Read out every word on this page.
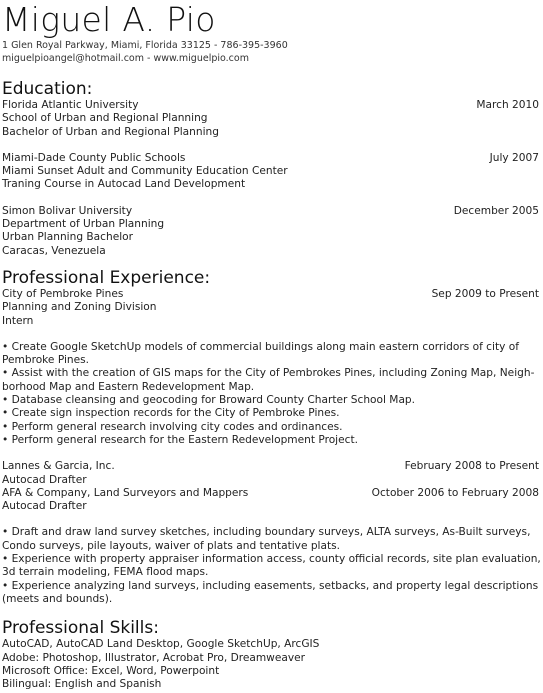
Miguel A. Pio
1 Glen Royal Parkway, Miami, Florida 33125 - 786-395-3960
miguelpioangel@hotmail.com - www.miguelpio.com
Education:
Florida Atlantic University	March 2010
School of Urban and Regional Planning
Bachelor of Urban and Regional Planning
Miami-Dade County Public Schools	July 2007
Miami Sunset Adult and Community Education Center
Traning Course in Autocad Land Development
Simon Bolivar University	December 2005
Department of Urban Planning
Urban Planning Bachelor
Caracas, Venezuela
Professional Experience:
City of Pembroke Pines	Sep 2009 to Present
Planning and Zoning Division
Intern
• Create Google SketchUp models of commercial buildings along main eastern corridors of city of
Pembroke Pines.
• Assist with the creation of GIS maps for the City of Pembrokes Pines, including Zoning Map, Neigh-
borhood Map and Eastern Redevelopment Map.
• Database cleansing and geocoding for Broward County Charter School Map.
• Create sign inspection records for the City of Pembroke Pines.
• Perform general research involving city codes and ordinances.
• Perform general research for the Eastern Redevelopment Project.
Lannes & Garcia, Inc.	February 2008 to Present
Autocad Drafter
AFA & Company, Land Surveyors and Mappers	October 2006 to February 2008
Autocad Drafter
• Draft and draw land survey sketches, including boundary surveys, ALTA surveys, As-Built surveys,
Condo surveys, pile layouts, waiver of plats and tentative plats.
• Experience with property appraiser information access, county official records, site plan evaluation,
3d terrain modeling, FEMA flood maps.
• Experience analyzing land surveys, including easements, setbacks, and property legal descriptions
(meets and bounds).
Professional Skills:
AutoCAD, AutoCAD Land Desktop, Google SketchUp, ArcGIS
Adobe: Photoshop, Illustrator, Acrobat Pro, Dreamweaver
Microsoft Office: Excel, Word, Powerpoint
Bilingual: English and Spanish
